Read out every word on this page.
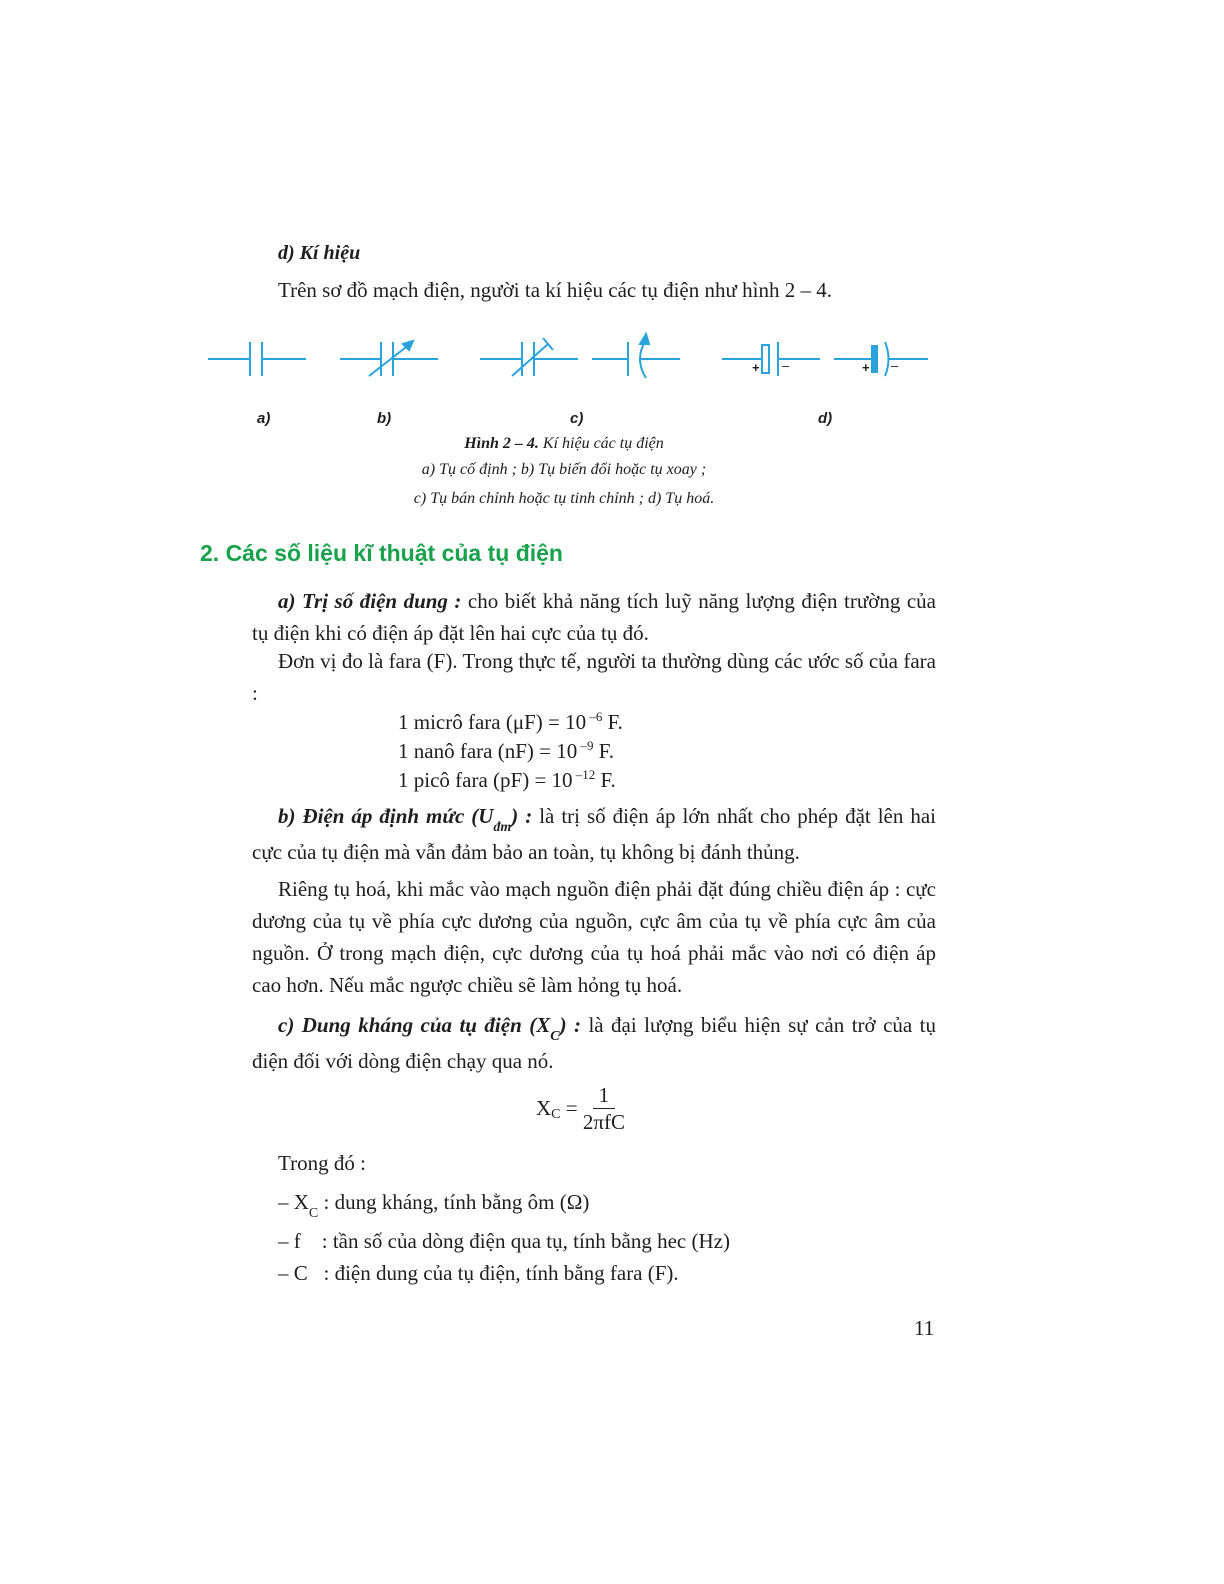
d) Kí hiệu
Trên sơ đồ mạch điện, người ta kí hiệu các tụ điện như hình 2 – 4.
+ –	+ –
a)	b)	c)	d)
Hình 2 – 4. Kí hiệu các tụ điện
a) Tụ cố định ; b) Tụ biến đổi hoặc tụ xoay ;
c) Tụ bán chỉnh hoặc tụ tinh chỉnh ; d) Tụ hoá.
2. Các số liệu kĩ thuật của tụ điện
a) Trị số điện dung : cho biết khả năng tích luỹ năng lượng điện trường của tụ điện khi có điện áp đặt lên hai cực của tụ đó.
Đơn vị đo là fara (F). Trong thực tế, người ta thường dùng các ước số của fara :
1 micrô fara (μF) = 10 $^{-6}$ F.
1 nanô fara (nF) = 10 $^{-9}$ F.
1 picô fara (pF) = 10 $^{-12}$ F.
b) Điện áp định mức $(U_{đm})$ : là trị số điện áp lớn nhất cho phép đặt lên hai cực của tụ điện mà vẫn đảm bảo an toàn, tụ không bị đánh thủng.
Riêng tụ hoá, khi mắc vào mạch nguồn điện phải đặt đúng chiều điện áp : cực dương của tụ về phía cực dương của nguồn, cực âm của tụ về phía cực âm của nguồn. Ở trong mạch điện, cực dương của tụ hoá phải mắc vào nơi có điện áp cao hơn. Nếu mắc ngược chiều sẽ làm hỏng tụ hoá.
c) Dung kháng của tụ điện $(X_C)$ : là đại lượng biểu hiện sự cản trở của tụ điện đối với dòng điện chạy qua nó.
X $C = \frac{1}{\text{2πfC}}$
Trong đó :
– $X_C$ : dung kháng, tính bằng ôm (Ω)
– f    : tần số của dòng điện qua tụ, tính bằng hec (Hz)
– C   : điện dung của tụ điện, tính bằng fara (F).
11
